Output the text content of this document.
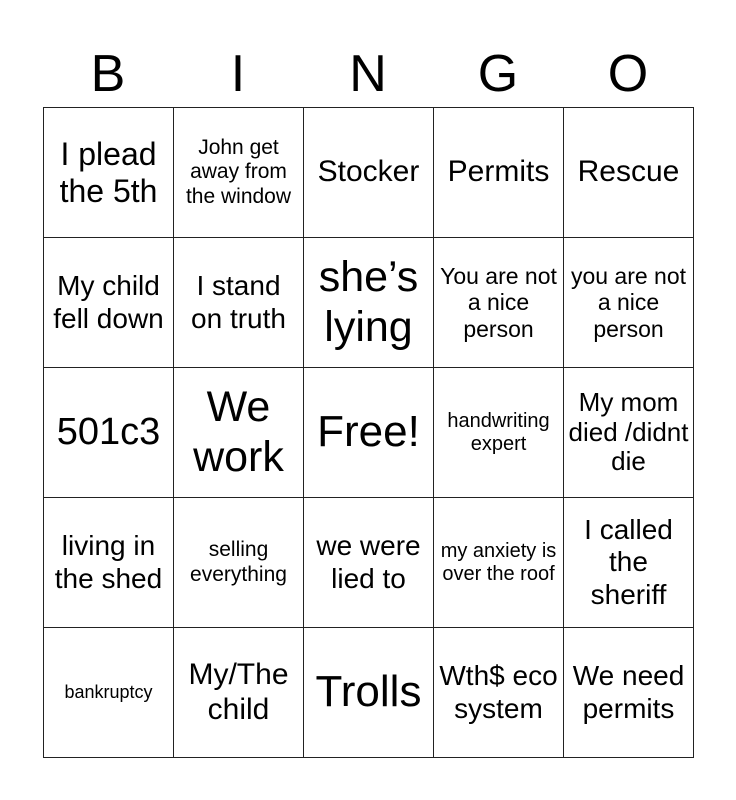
B	I	N	G	O
I plead the 5th	John get away from the window	Stocker	Permits	Rescue
My child fell down	I stand on truth	she’s lying	You are not a nice person	you are not a nice person
501c3	We work	Free!	handwriting expert	My mom died /didnt die
living in the shed	selling everything	we were lied to	my anxiety is over the roof	I called the sheriff
bankruptcy	My/The child	Trolls	Wth$ eco system	We need permits
